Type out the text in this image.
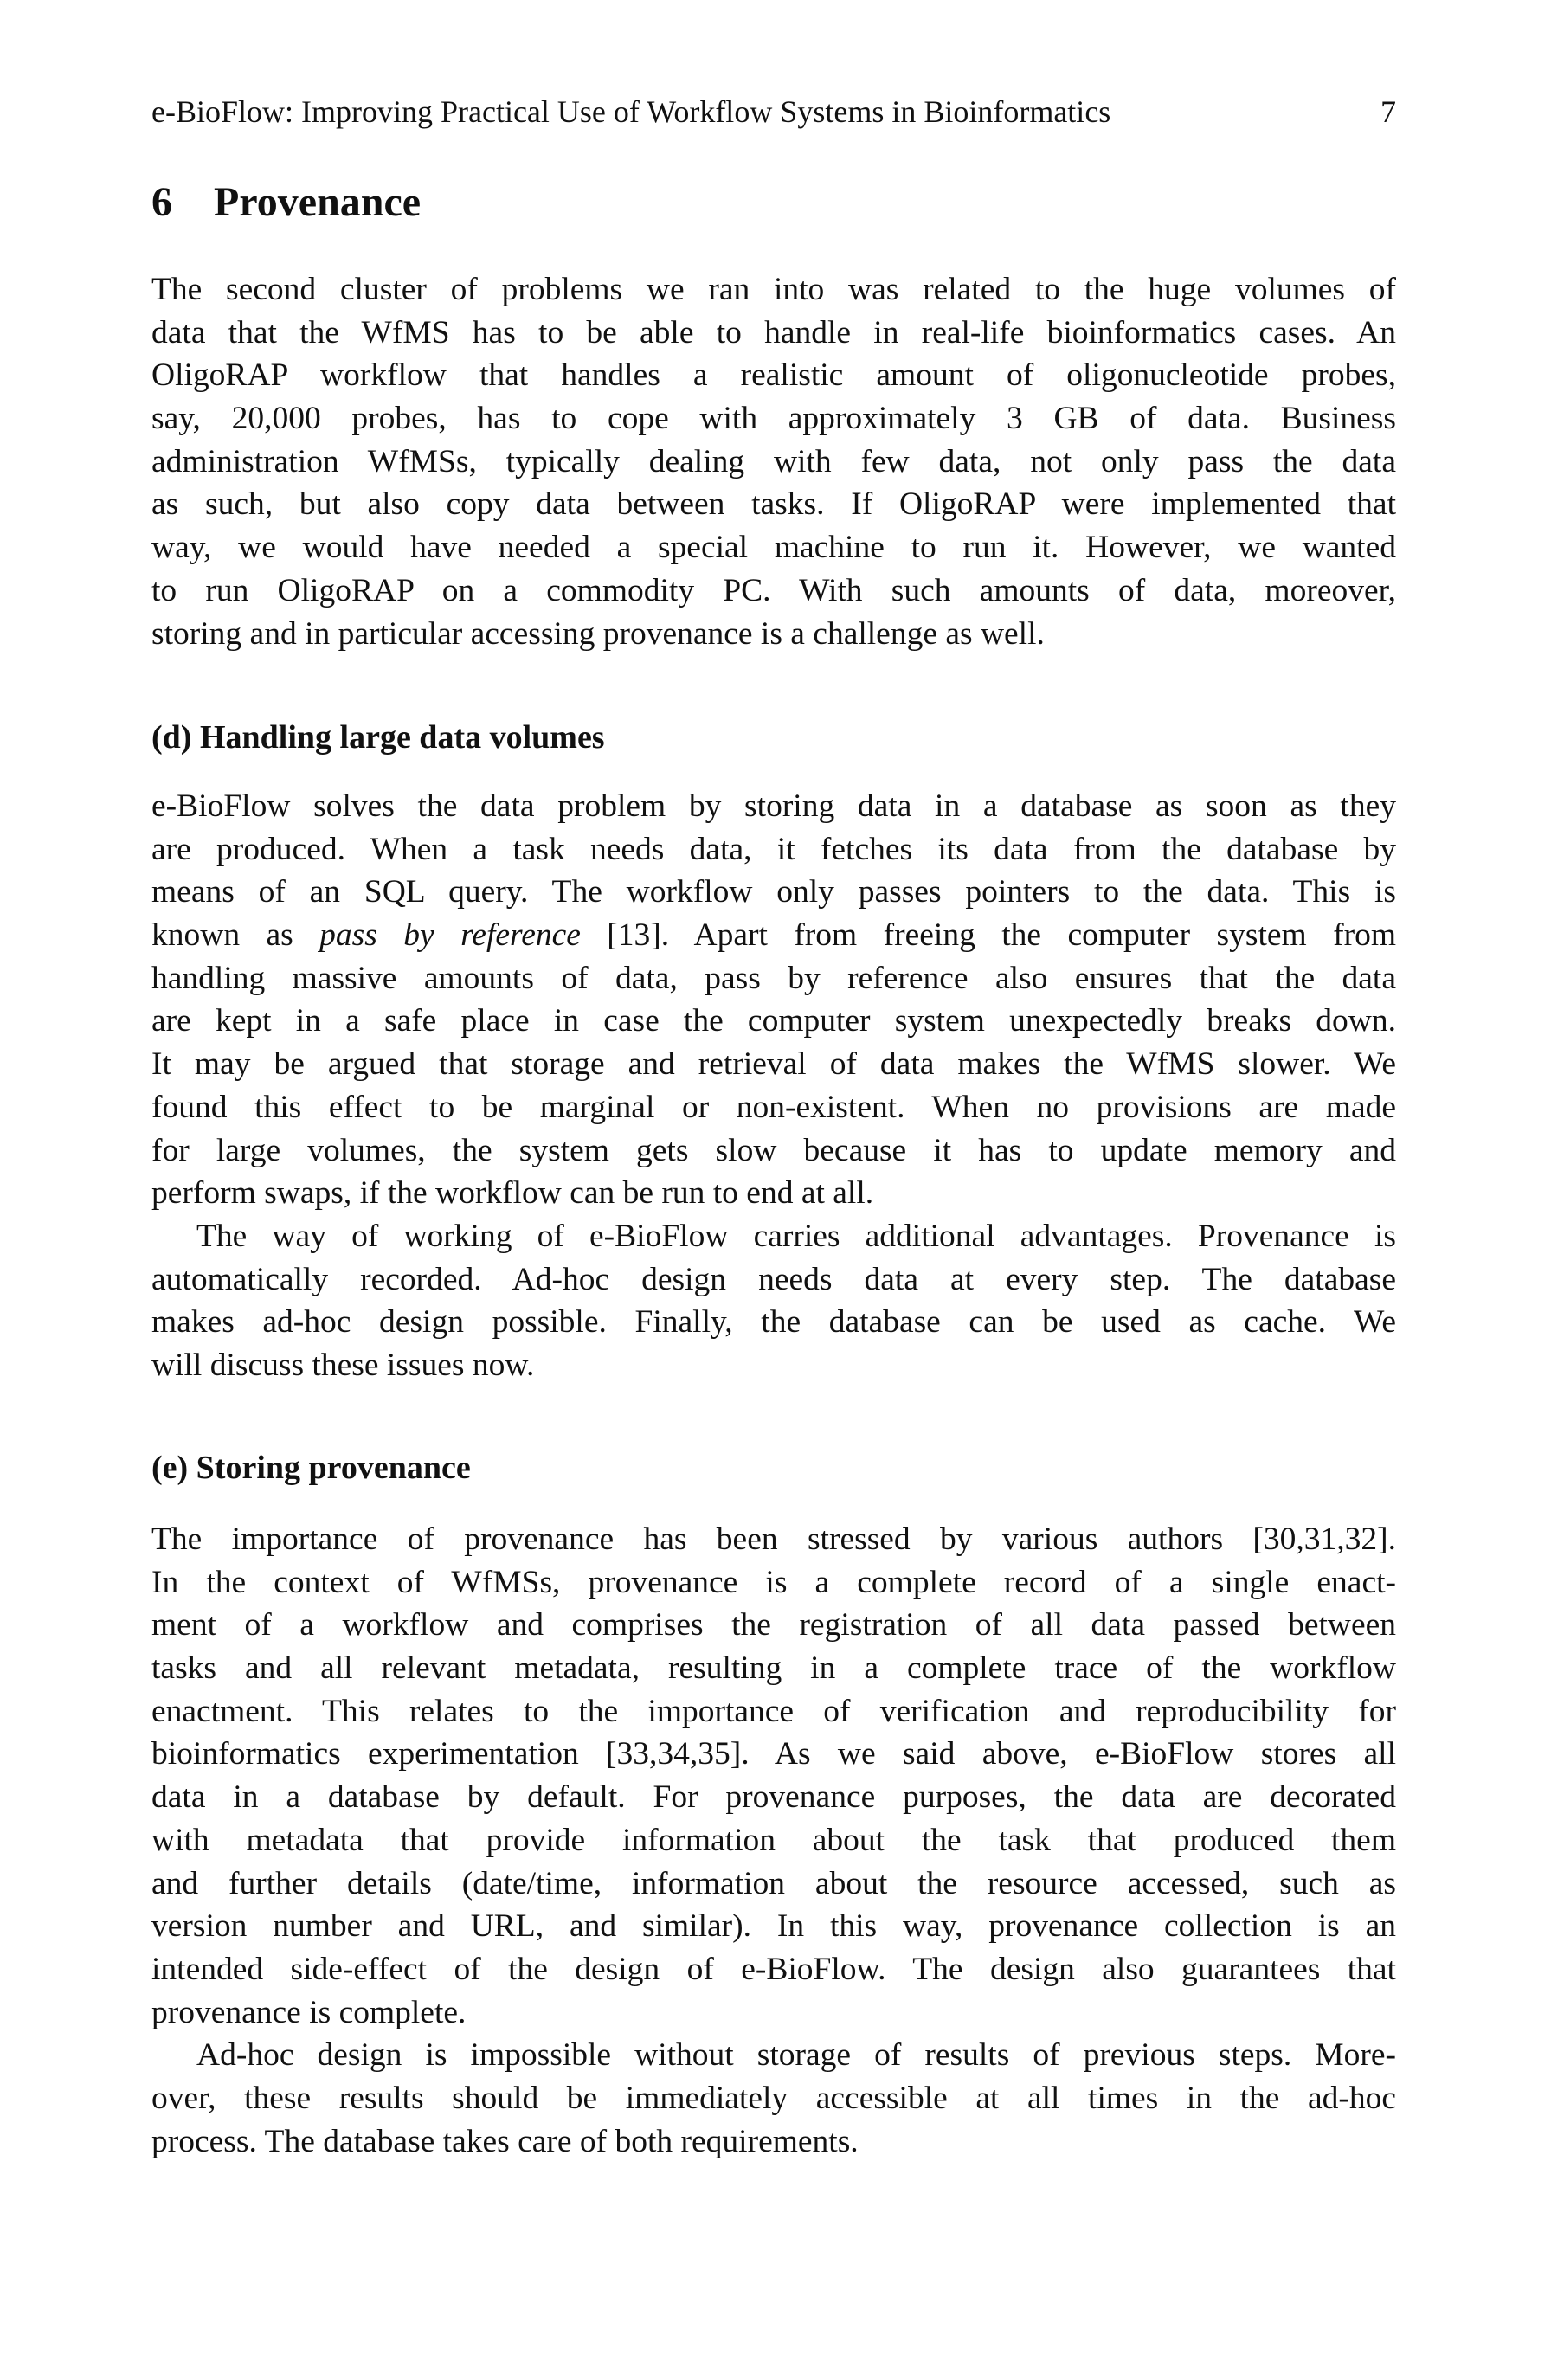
e-BioFlow: Improving Practical Use of Workflow Systems in Bioinformatics	7
6 Provenance
The second cluster of problems we ran into was related to the huge volumes of
data that the WfMS has to be able to handle in real-life bioinformatics cases. An
OligoRAP workflow that handles a realistic amount of oligonucleotide probes,
say, 20,000 probes, has to cope with approximately 3 GB of data. Business
administration WfMSs, typically dealing with few data, not only pass the data
as such, but also copy data between tasks. If OligoRAP were implemented that
way, we would have needed a special machine to run it. However, we wanted
to run OligoRAP on a commodity PC. With such amounts of data, moreover,
storing and in particular accessing provenance is a challenge as well.
(d) Handling large data volumes
e-BioFlow solves the data problem by storing data in a database as soon as they
are produced. When a task needs data, it fetches its data from the database by
means of an SQL query. The workflow only passes pointers to the data. This is
known as pass by reference [13]. Apart from freeing the computer system from
handling massive amounts of data, pass by reference also ensures that the data
are kept in a safe place in case the computer system unexpectedly breaks down.
It may be argued that storage and retrieval of data makes the WfMS slower. We
found this effect to be marginal or non-existent. When no provisions are made
for large volumes, the system gets slow because it has to update memory and
perform swaps, if the workflow can be run to end at all.
The way of working of e-BioFlow carries additional advantages. Provenance is
automatically recorded. Ad-hoc design needs data at every step. The database
makes ad-hoc design possible. Finally, the database can be used as cache. We
will discuss these issues now.
(e) Storing provenance
The importance of provenance has been stressed by various authors [30,31,32].
In the context of WfMSs, provenance is a complete record of a single enact-
ment of a workflow and comprises the registration of all data passed between
tasks and all relevant metadata, resulting in a complete trace of the workflow
enactment. This relates to the importance of verification and reproducibility for
bioinformatics experimentation [33,34,35]. As we said above, e-BioFlow stores all
data in a database by default. For provenance purposes, the data are decorated
with metadata that provide information about the task that produced them
and further details (date/time, information about the resource accessed, such as
version number and URL, and similar). In this way, provenance collection is an
intended side-effect of the design of e-BioFlow. The design also guarantees that
provenance is complete.
Ad-hoc design is impossible without storage of results of previous steps. More-
over, these results should be immediately accessible at all times in the ad-hoc
process. The database takes care of both requirements.
